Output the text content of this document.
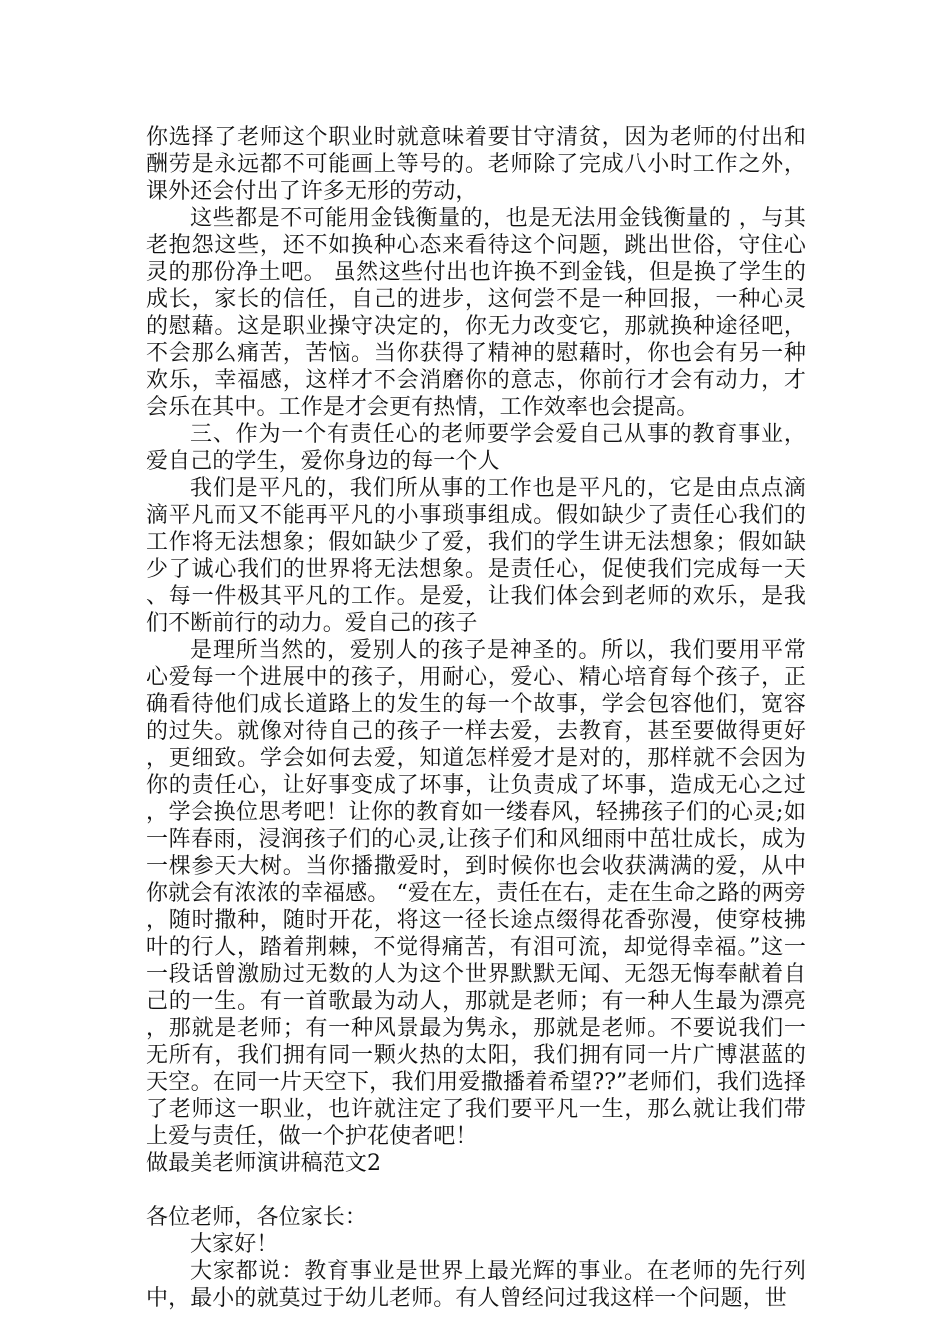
你选择了老师这个职业时就意味着要甘守清贫，因为老师的付出和酬劳是永远都不可能画上等号的。老师除了完成八小时工作之外，课外还会付出了许多无形的劳动，

这些都是不可能用金钱衡量的，也是无法用金钱衡量的 ，与其老抱怨这些，还不如换种心态来看待这个问题，跳出世俗，守住心灵的那份净土吧。 虽然这些付出也许换不到金钱，但是换了学生的成长，家长的信任，自己的进步，这何尝不是一种回报，一种心灵的慰藉。这是职业操守决定的，你无力改变它，那就换种途径吧，不会那么痛苦，苦恼。当你获得了精神的慰藉时，你也会有另一种欢乐，幸福感，这样才不会消磨你的意志，你前行才会有动力，才会乐在其中。工作是才会更有热情，工作效率也会提高。

三、作为一个有责任心的老师要学会爱自己从事的教育事业，爱自己的学生，爱你身边的每一个人

我们是平凡的，我们所从事的工作也是平凡的，它是由点点滴滴平凡而又不能再平凡的小事琐事组成。假如缺少了责任心我们的工作将无法想象；假如缺少了爱，我们的学生讲无法想象；假如缺少了诚心我们的世界将无法想象。是责任心，促使我们完成每一天、每一件极其平凡的工作。是爱，让我们体会到老师的欢乐，是我们不断前行的动力。爱自己的孩子

是理所当然的，爱别人的孩子是神圣的。所以，我们要用平常心爱每一个进展中的孩子，用耐心，爱心、精心培育每个孩子，正确看待他们成长道路上的发生的每一个故事，学会包容他们，宽容的过失。就像对待自己的孩子一样去爱，去教育，甚至要做得更好，更细致。学会如何去爱，知道怎样爱才是对的，那样就不会因为你的责任心，让好事变成了坏事，让负责成了坏事，造成无心之过，学会换位思考吧！让你的教育如一缕春风，轻拂孩子们的心灵;如一阵春雨，浸润孩子们的心灵,让孩子们和风细雨中茁壮成长，成为一棵参天大树。当你播撒爱时，到时候你也会收获满满的爱，从中你就会有浓浓的幸福感。 “爱在左，责任在右，走在生命之路的两旁，随时撒种，随时开花，将这一径长途点缀得花香弥漫，使穿枝拂叶的行人，踏着荆棘，不觉得痛苦，有泪可流，却觉得幸福。”这一一段话曾激励过无数的人为这个世界默默无闻、无怨无悔奉献着自己的一生。有一首歌最为动人，那就是老师；有一种人生最为漂亮，那就是老师；有一种风景最为隽永，那就是老师。不要说我们一无所有，我们拥有同一颗火热的太阳，我们拥有同一片广博湛蓝的天空。在同一片天空下，我们用爱撒播着希望??”老师们，我们选择了老师这一职业，也许就注定了我们要平凡一生，那么就让我们带上爱与责任，做一个护花使者吧！

做最美老师演讲稿范文2

各位老师，各位家长：

大家好！

大家都说：教育事业是世界上最光辉的事业。在老师的先行列中，最小的就莫过于幼儿老师。有人曾经问过我这样一个问题，世
